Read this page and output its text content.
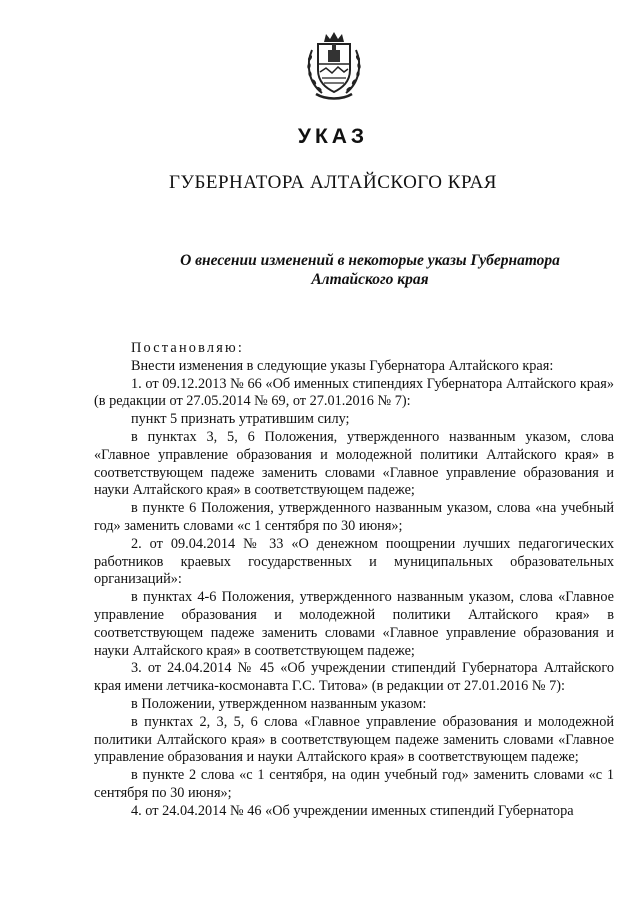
УКАЗ
ГУБЕРНАТОРА АЛТАЙСКОГО КРАЯ
О внесении изменений в некоторые указы Губернатора
Алтайского края

Постановляю:

Внести изменения в следующие указы Губернатора Алтайского края:

1. от 09.12.2013 № 66 «Об именных стипендиях Губернатора Алтайского края» (в редакции от 27.05.2014 № 69, от 27.01.2016 № 7):

пункт 5 признать утратившим силу;

в пунктах 3, 5, 6 Положения, утвержденного названным указом, слова «Главное управление образования и молодежной политики Алтайского края» в соответствующем падеже заменить словами «Главное управление образования и науки Алтайского края» в соответствующем падеже;

в пункте 6 Положения, утвержденного названным указом, слова «на учебный год» заменить словами «с 1 сентября по 30 июня»;

2. от 09.04.2014 № 33 «О денежном поощрении лучших педагогических работников краевых государственных и муниципальных образовательных организаций»:

в пунктах 4-6 Положения, утвержденного названным указом, слова «Главное управление образования и молодежной политики Алтайского края» в соответствующем падеже заменить словами «Главное управление образования и науки Алтайского края» в соответствующем падеже;

3. от 24.04.2014 № 45 «Об учреждении стипендий Губернатора Алтайского края имени летчика-космонавта Г.С. Титова» (в редакции от 27.01.2016 № 7):

в Положении, утвержденном названным указом:

в пунктах 2, 3, 5, 6 слова «Главное управление образования и молодежной политики Алтайского края» в соответствующем падеже заменить словами «Главное управление образования и науки Алтайского края» в соответствующем падеже;

в пункте 2 слова «с 1 сентября, на один учебный год» заменить словами «с 1 сентября по 30 июня»;

4. от 24.04.2014 № 46 «Об учреждении именных стипендий Губернатора
